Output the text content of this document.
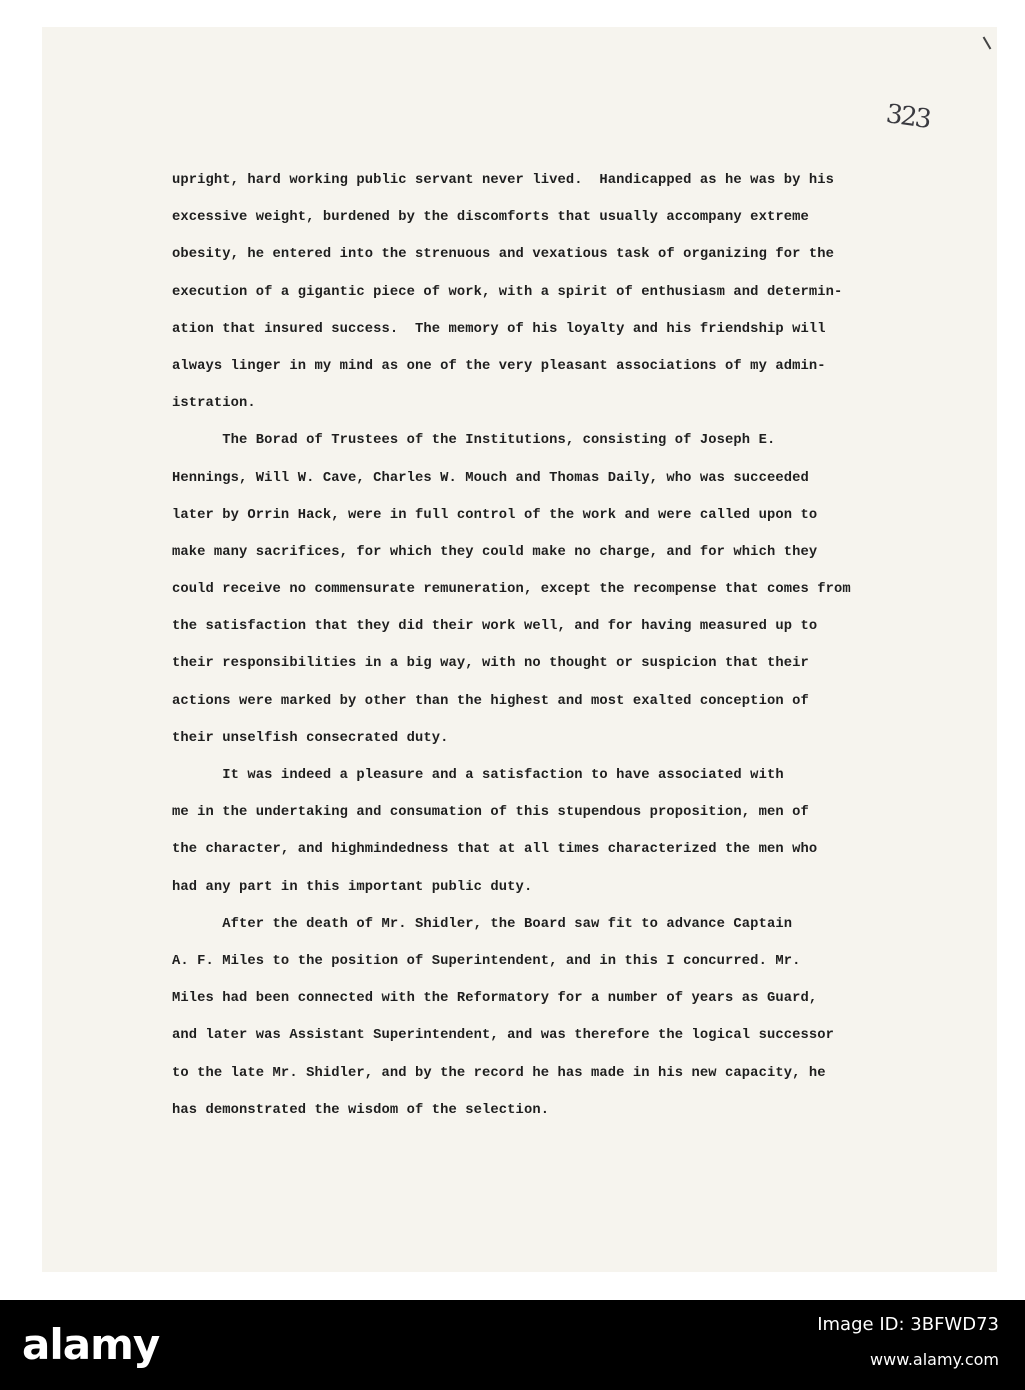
323
upright, hard working public servant never lived.  Handicapped as he was by his
excessive weight, burdened by the discomforts that usually accompany extreme
obesity, he entered into the strenuous and vexatious task of organizing for the
execution of a gigantic piece of work, with a spirit of enthusiasm and determin-
ation that insured success.  The memory of his loyalty and his friendship will
always linger in my mind as one of the very pleasant associations of my admin-
istration.
The Borad of Trustees of the Institutions, consisting of Joseph E.
Hennings, Will W. Cave, Charles W. Mouch and Thomas Daily, who was succeeded
later by Orrin Hack, were in full control of the work and were called upon to
make many sacrifices, for which they could make no charge, and for which they
could receive no commensurate remuneration, except the recompense that comes from
the satisfaction that they did their work well, and for having measured up to
their responsibilities in a big way, with no thought or suspicion that their
actions were marked by other than the highest and most exalted conception of
their unselfish consecrated duty.
It was indeed a pleasure and a satisfaction to have associated with
me in the undertaking and consumation of this stupendous proposition, men of
the character, and highmindedness that at all times characterized the men who
had any part in this important public duty.
After the death of Mr. Shidler, the Board saw fit to advance Captain
A. F. Miles to the position of Superintendent, and in this I concurred. Mr.
Miles had been connected with the Reformatory for a number of years as Guard,
and later was Assistant Superintendent, and was therefore the logical successor
to the late Mr. Shidler, and by the record he has made in his new capacity, he
has demonstrated the wisdom of the selection.
alamy	Image ID: 3BFWD73
www.alamy.com
